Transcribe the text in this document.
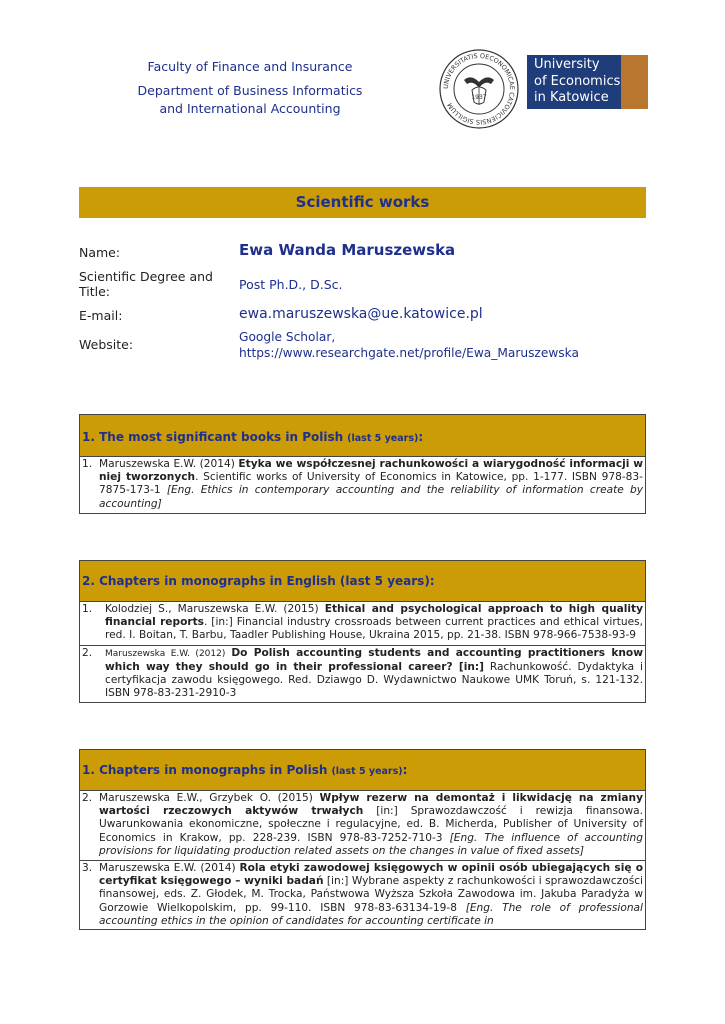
Faculty of Finance and Insurance
Department of Business Informatics
and International Accounting
UNIVERSITATIS OECONOMICAE CATOVICIENSIS SIGILLUM
1937
University
of Economics
in Katowice
Scientific works
Name:	Ewa Wanda Maruszewska
Scientific Degree and
Title:	Post Ph.D., D.Sc.
E-mail:	ewa.maruszewska@ue.katowice.pl
Website:	Google Scholar,
https://www.researchgate.net/profile/Ewa_Maruszewska
1. The most significant books in Polish (last 5 years) :
1. Maruszewska E.W. (2014) Etyka we współczesnej rachunkowości a wiarygodność informacji w niej tworzonych. Scientific works of University of Economics in Katowice, pp. 1-177. ISBN 978-83-7875-173-1 [Eng. Ethics in contemporary accounting and the reliability of information create by accounting]
2. Chapters in monographs in English (last 5 years):
1.	Kolodziej S., Maruszewska E.W. (2015) Ethical and psychological approach to high quality financial reports. [in:] Financial industry crossroads between current practices and ethical virtues, red. I. Boitan, T. Barbu, Taadler Publishing House, Ukraina 2015, pp. 21-38. ISBN 978-966-7538-93-9
2.	Maruszewska E.W. (2012) Do Polish accounting students and accounting practitioners know which way they should go in their professional career? [in:] Rachunkowość. Dydaktyka i certyfikacja zawodu księgowego. Red. Dziawgo D. Wydawnictwo Naukowe UMK Toruń, s. 121-132. ISBN 978-83-231-2910-3
1. Chapters in monographs in Polish (last 5 years) :
2. Maruszewska E.W., Grzybek O. (2015) Wpływ rezerw na demontaż i likwidację na zmiany wartości rzeczowych aktywów trwałych [in:] Sprawozdawczość i rewizja finansowa. Uwarunkowania ekonomiczne, społeczne i regulacyjne, ed. B. Micherda, Publisher of University of Economics in Krakow, pp. 228-239. ISBN 978-83-7252-710-3 [Eng. The influence of accounting provisions for liquidating production related assets on the changes in value of fixed assets]
3. Maruszewska E.W. (2014) Rola etyki zawodowej księgowych w opinii osób ubiegających się o certyfikat księgowego – wyniki badań [in:] Wybrane aspekty z rachunkowości i sprawozdawczości finansowej, eds. Z. Głodek, M. Trocka, Państwowa Wyższa Szkoła Zawodowa im. Jakuba Paradyża w Gorzowie Wielkopolskim, pp. 99-110. ISBN 978-83-63134-19-8 [Eng. The role of professional accounting ethics in the opinion of candidates for accounting certificate in
